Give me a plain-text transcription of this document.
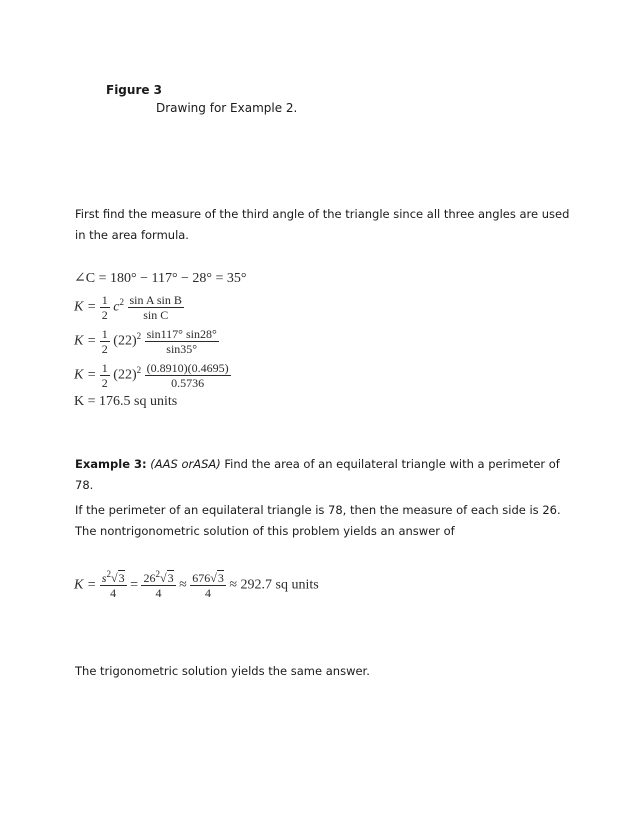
Figure 3
Drawing for Example 2.

First find the measure of the third angle of the triangle since all three angles are used in the area formula.

∠C = 180° − 117° − 28° = 35°
$K = \frac{1}{2} c^2 \frac{\text{sin A sin B}}{\text{sin C}}$
$K = \frac{1}{2} (22)^2 \frac{\sin 117^\circ \sin 28^\circ}{\sin 35^\circ}$
$K = \frac{1}{2} (22)^2 \frac{(0.8910)(0.4695)}{0.5736}$
K = 176.5 sq units

Example 3: (AAS orASA) Find the area of an equilateral triangle with a perimeter of 78.

If the perimeter of an equilateral triangle is 78, then the measure of each side is 26. The nontrigonometric solution of this problem yields an answer of

$K = \frac{s^2√3}{4} = \frac{26^2√3}{4} \approx \frac{676√3}{4} \approx 292.7$ sq units

The trigonometric solution yields the same answer.
